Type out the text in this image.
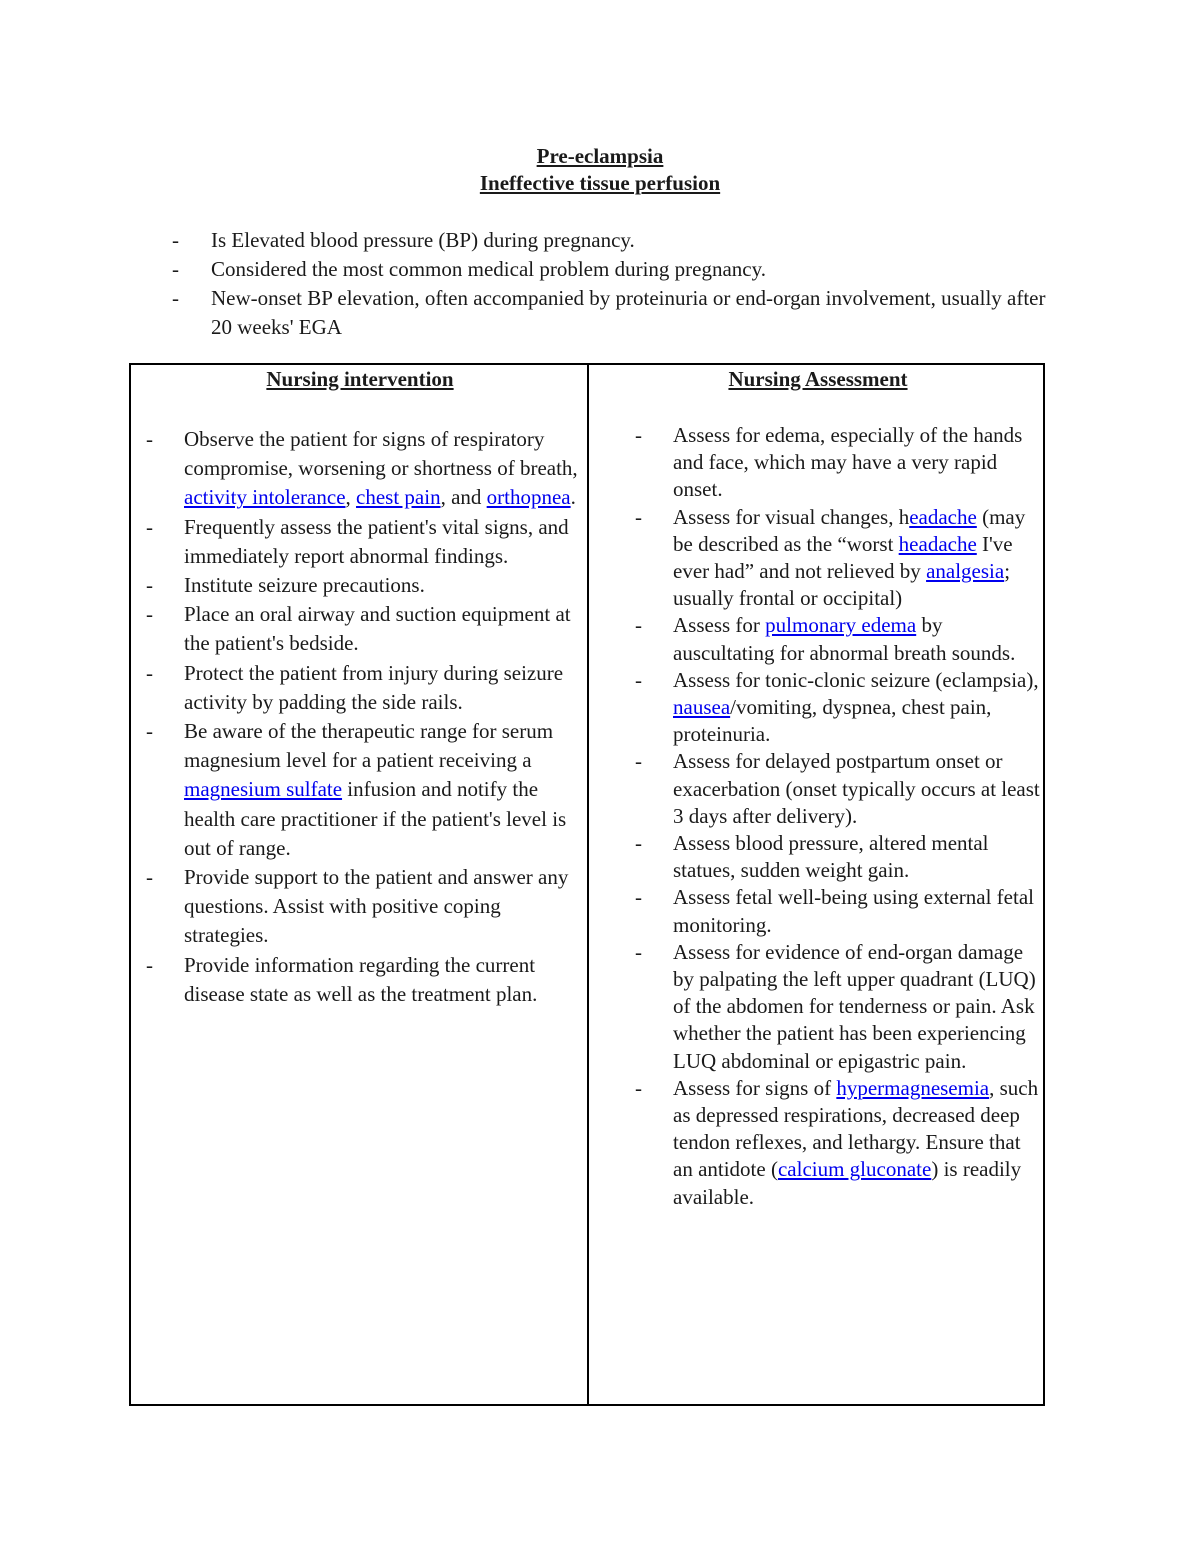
Pre-eclampsia
Ineffective tissue perfusion
- Is Elevated blood pressure (BP) during pregnancy.
- Considered the most common medical problem during pregnancy.
- New-onset BP elevation, often accompanied by proteinuria or end-organ involvement, usually after 20 weeks' EGA
Nursing intervention
- Observe the patient for signs of respiratory compromise, worsening or shortness of breath, activity intolerance, chest pain, and orthopnea.
- Frequently assess the patient's vital signs, and immediately report abnormal findings.
- Institute seizure precautions.
- Place an oral airway and suction equipment at the patient's bedside.
- Protect the patient from injury during seizure activity by padding the side rails.
- Be aware of the therapeutic range for serum magnesium level for a patient receiving a magnesium sulfate infusion and notify the health care practitioner if the patient's level is out of range.
- Provide support to the patient and answer any questions. Assist with positive coping strategies.
- Provide information regarding the current disease state as well as the treatment plan.
Nursing Assessment
- Assess for edema, especially of the hands and face, which may have a very rapid onset.
- Assess for visual changes, headache (may be described as the “worst headache I've ever had” and not relieved by analgesia; usually frontal or occipital)
- Assess for pulmonary edema by auscultating for abnormal breath sounds.
- Assess for tonic-clonic seizure (eclampsia), nausea/vomiting, dyspnea, chest pain, proteinuria.
- Assess for delayed postpartum onset or exacerbation (onset typically occurs at least 3 days after delivery).
- Assess blood pressure, altered mental statues, sudden weight gain.
- Assess fetal well-being using external fetal monitoring.
- Assess for evidence of end-organ damage by palpating the left upper quadrant (LUQ) of the abdomen for tenderness or pain. Ask whether the patient has been experiencing LUQ abdominal or epigastric pain.
- Assess for signs of hypermagnesemia, such as depressed respirations, decreased deep tendon reflexes, and lethargy. Ensure that an antidote (calcium gluconate) is readily available.
